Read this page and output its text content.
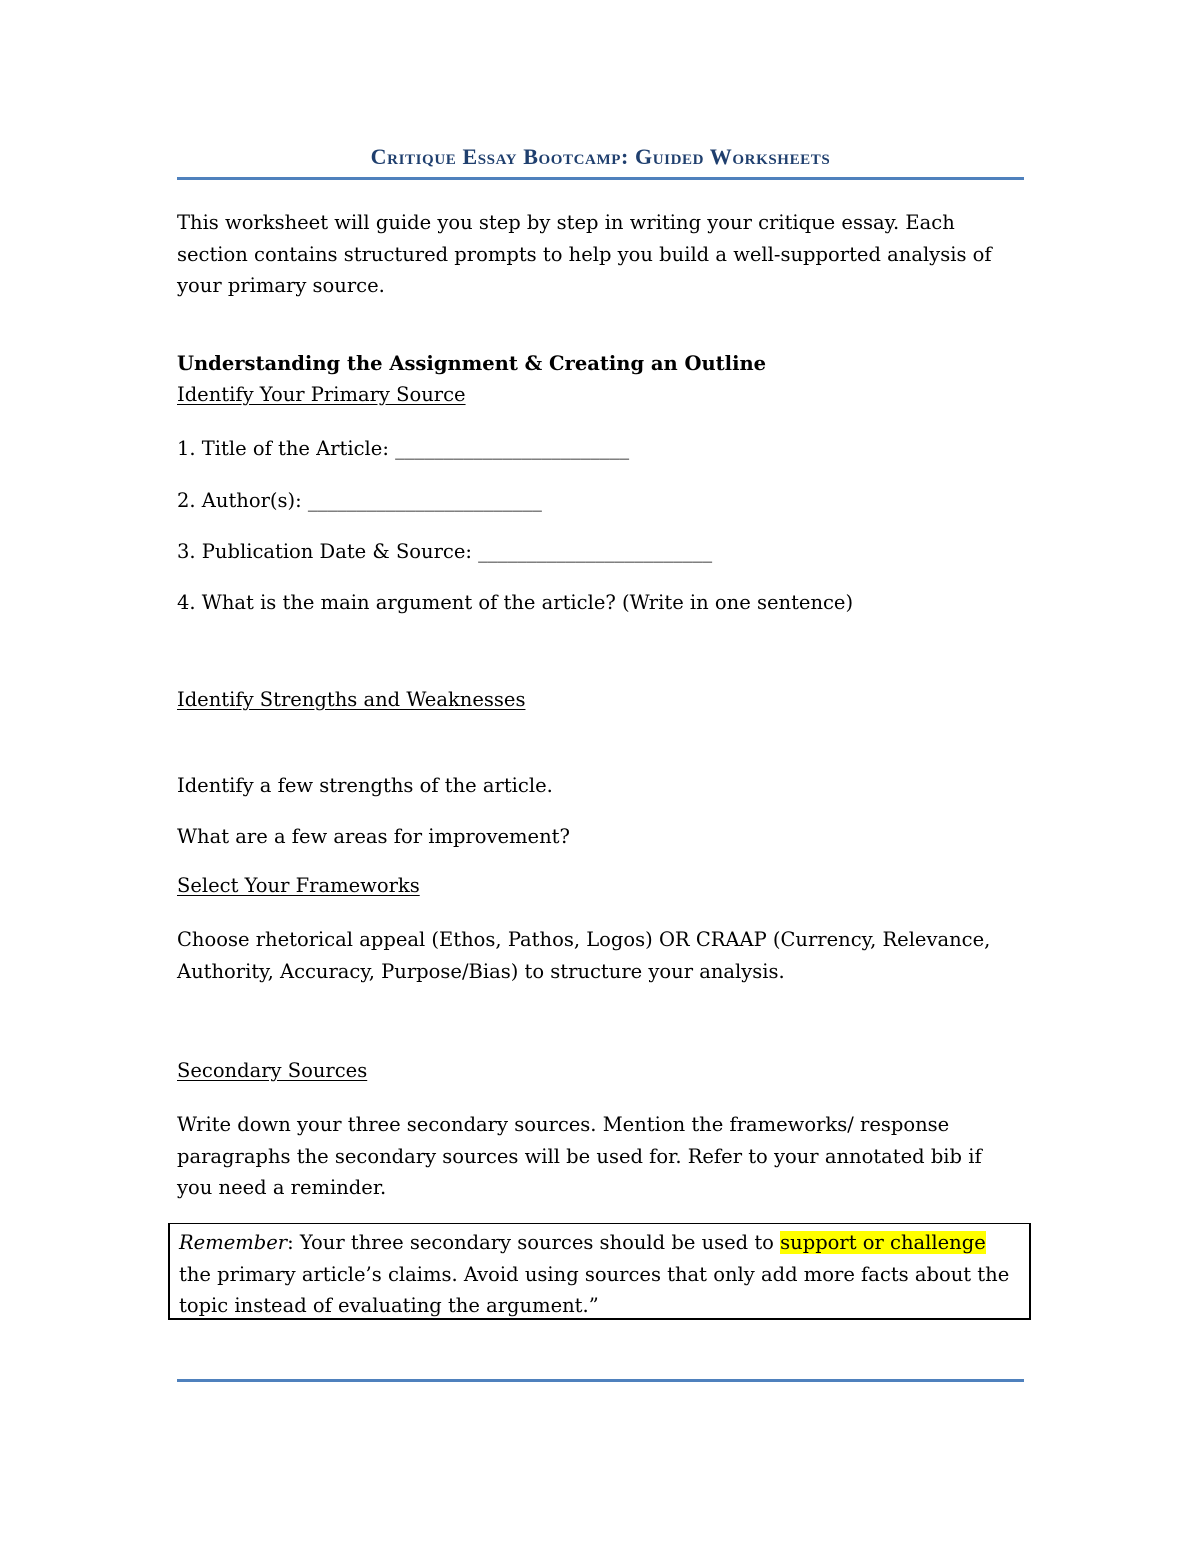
Critique Essay Bootcamp: Guided Worksheets
This worksheet will guide you step by step in writing your critique essay. Each
section contains structured prompts to help you build a well-supported analysis of
your primary source.
Understanding the Assignment & Creating an Outline
Identify Your Primary Source
1. Title of the Article: ________________________
2. Author(s): ________________________
3. Publication Date & Source: ________________________
4. What is the main argument of the article? (Write in one sentence)
Identify Strengths and Weaknesses
Identify a few strengths of the article.
What are a few areas for improvement?
Select Your Frameworks
Choose rhetorical appeal (Ethos, Pathos, Logos) OR CRAAP (Currency, Relevance,
Authority, Accuracy, Purpose/Bias) to structure your analysis.
Secondary Sources
Write down your three secondary sources. Mention the frameworks/ response
paragraphs the secondary sources will be used for. Refer to your annotated bib if
you need a reminder.
Remember: Your three secondary sources should be used to support or challenge
the primary article’s claims. Avoid using sources that only add more facts about the
topic instead of evaluating the argument.”
